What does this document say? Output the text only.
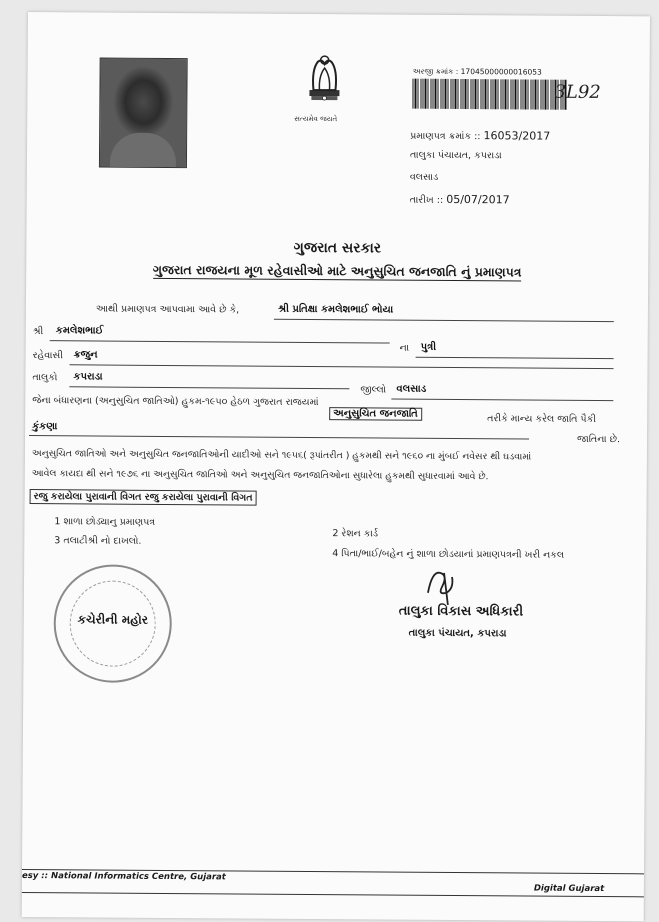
સત્યમેવ જયતે
અરજી ક્રમાંક : 17045000000016053
3L92
પ્રમાણપત્ર ક્રમાંક :: 16053/2017
તાલુકા પંચાયત, કપરાડા
વલસાડ
તારીખ :: 05/07/2017
ગુજરાત સરકાર
ગુજરાત રાજયના મૂળ રહેવાસીઓ માટે અનુસુચિત જનજાતિ નું પ્રમાણપત્ર
આથી પ્રમાણપત્ર આપવામા આવે છે કે,	શ્રી પ્રતિક્ષા કમલેશભાઈ ભોયા
શ્રી કમલેશભાઈ
ના પુત્રી
રહેવાસી ક્રજુન
તાલુકો કપરાડા
જીલ્લો વલસાડ
જેના બંધારણના (અનુસુચિત જાતિઓ) હુકમ-૧૯૫૦ હેઠળ ગુજરાત રાજયમાં
અનુસુચિત જનજાતિ	તરીકે માન્ય કરેલ જાતિ પૈકી
કુંકણા
જાતિના છે.
અનુસુચિત જાતિઓ અને અનુસુચિત જનજાતિઓની યાદીઓ સને ૧૯૫૬( રૂપાંતરીત ) હુકમથી સને ૧૯૬૦ ના મુંબઈ નવેસર થી ઘડવામાં
આવેલ કાયદા થી સને ૧૯૭૬ ના અનુસુચિત જાતિઓ અને અનુસુચિત જનજાતિઓના સુધારેલા હુકમથી સુધારવામાં આવે છે.
રજુ કરાયેલા પુરાવાની વિગત રજુ કરાયેલા પુરાવાની વિગત
1 શાળા છોડ્યાનુ પ્રમાણપત્ર
2 રેશન કાર્ડ
3 તલાટીશ્રી નો દાખલો.
4 પિતા/ભાઈ/બહેન નું શાળા છોડયાનાં પ્રમાણપત્રની ખરી નકલ
કચેરીની મહોર
તાલુકા વિકાસ અધિકારી
તાલુકા પંચાયત, કપરાડા
esy :: National Informatics Centre, Gujarat
Digital Gujarat
